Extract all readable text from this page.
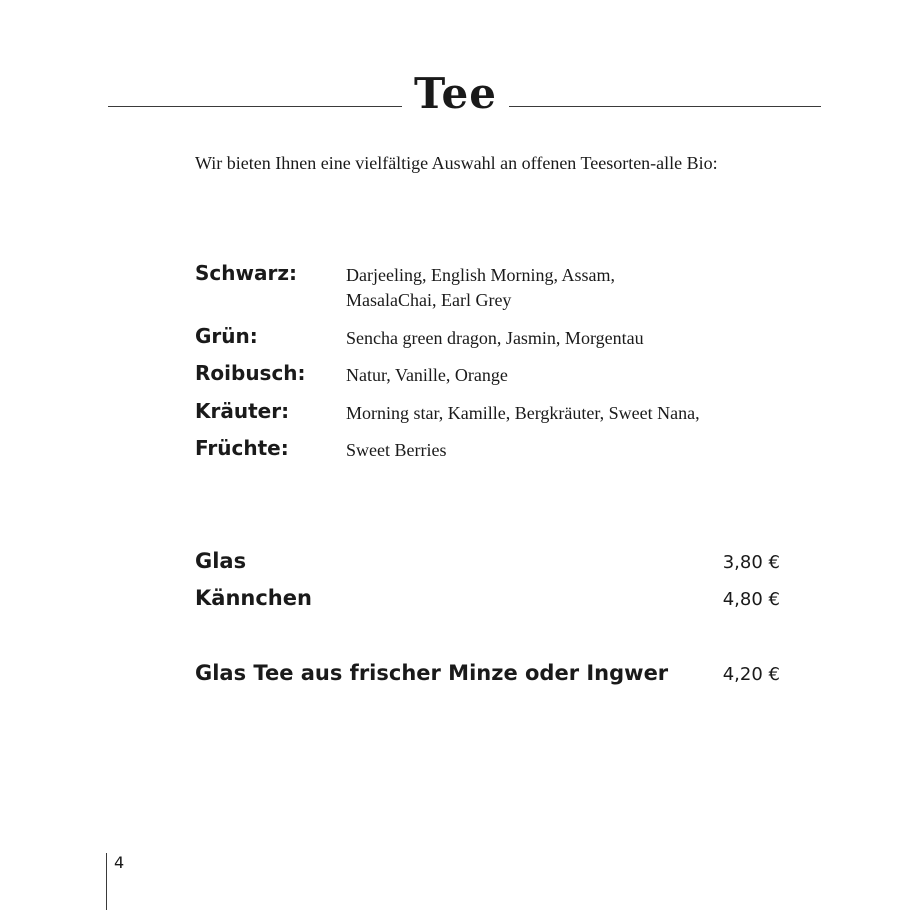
Tee
Wir bieten Ihnen eine vielfältige Auswahl an offenen Teesorten-alle Bio:
Schwarz:	Darjeeling, English Morning, Assam,
MasalaChai, Earl Grey
Grün:	Sencha green dragon, Jasmin, Morgentau
Roibusch: Natur, Vanille, Orange
Kräuter:	Morning star, Kamille, Bergkräuter, Sweet Nana,
Früchte:	Sweet Berries
Glas	3,80 €
Kännchen	4,80 €
Glas Tee aus frischer Minze oder Ingwer	4,20 €
4
